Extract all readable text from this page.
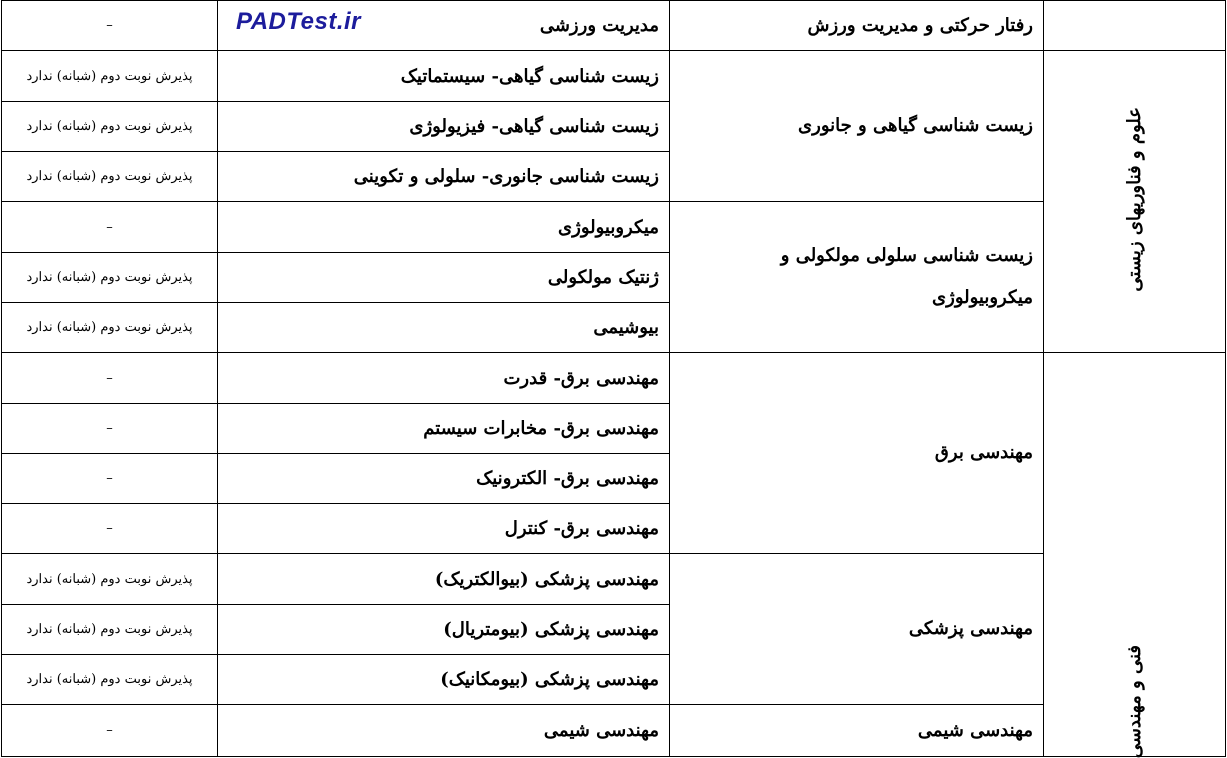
PADTest.ir
–	مدیریت ورزشی	رفتار حرکتی و مدیریت ورزش	
پذیرش نوبت دوم (شبانه) ندارد	زیست شناسی گیاهی- سیستماتیک	زیست شناسی گیاهی و جانوری	علوم و فناوریهای زیستی
پذیرش نوبت دوم (شبانه) ندارد	زیست شناسی گیاهی- فیزیولوژی		
پذیرش نوبت دوم (شبانه) ندارد	زیست شناسی جانوری- سلولی و تکوینی		
–	میکروبیولوژی	زیست شناسی سلولی مولکولی و میکروبیولوژی	
پذیرش نوبت دوم (شبانه) ندارد	ژنتیک مولکولی		
پذیرش نوبت دوم (شبانه) ندارد	بیوشیمی		
–	مهندسی برق- قدرت	مهندسی برق	فنی و مهندسی
–	مهندسی برق- مخابرات سیستم		
–	مهندسی برق- الکترونیک		
–	مهندسی برق- کنترل		
پذیرش نوبت دوم (شبانه) ندارد	مهندسی پزشکی (بیوالکتریک)	مهندسی پزشکی	
پذیرش نوبت دوم (شبانه) ندارد	مهندسی پزشکی (بیومتریال)		
پذیرش نوبت دوم (شبانه) ندارد	مهندسی پزشکی (بیومکانیک)		
–	مهندسی شیمی	مهندسی شیمی	
